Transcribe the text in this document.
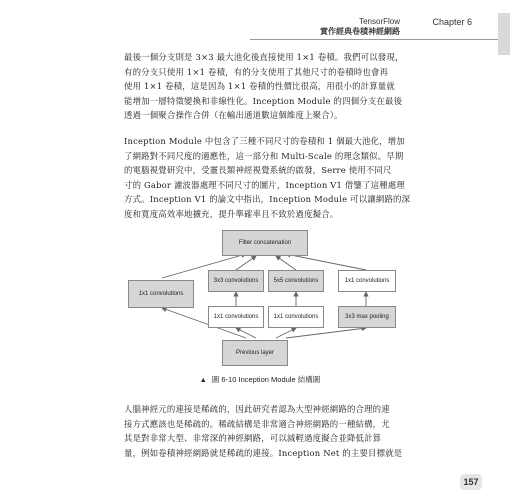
TensorFlow
實作經典卷積神經網路
Chapter 6
最後一個分支則是 3×3 最大池化後直接使用 1×1 卷積。我們可以發現，
有的分支只使用 1×1 卷積，有的分支使用了其他尺寸的卷積時也會再
使用 1×1 卷積，這是因為 1×1 卷積的性價比很高，用很小的計算量就
能增加一層特徵變換和非線性化。Inception Module 的四個分支在最後
透過一個聚合操作合併（在輸出通道數這個維度上聚合）。
Inception Module 中包含了三種不同尺寸的卷積和 1 個最大池化，增加
了網路對不同尺度的適應性，這一部分和 Multi-Scale 的理念類似。早期
的電腦視覺研究中，受靈長類神經視覺系統的啟發，Serre 使用不同尺
寸的 Gabor 濾波器處理不同尺寸的圖片，Inception V1 借鑒了這種處理
方式。Inception V1 的論文中指出，Inception Module 可以讓網路的深
度和寬度高效率地擴充，提升準確率且不致於過度擬合。
Filter concatenation
1x1 convolutions
3x3 convolutions	5x5 convolutions	1x1 convolutions
1x1 convolutions	1x1 convolutions	3x3 max pooling
Previous layer
▲ 圖 6-10 Inception Module 結構圖
人腦神經元的連接是稀疏的，因此研究者認為大型神經網路的合理的連
接方式應該也是稀疏的。稀疏結構是非常適合神經網路的一種結構，尤
其是對非常大型、非常深的神經網路，可以減輕過度擬合並降低計算
量，例如卷積神經網路就是稀疏的連接。Inception Net 的主要目標就是
157
